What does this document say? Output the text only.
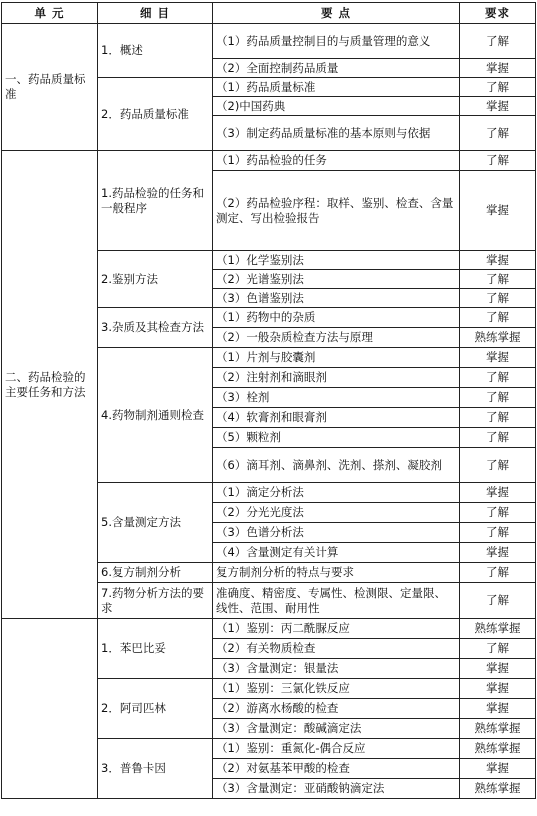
单 元	细 目	要 点	要求
一、药品质量标准	1．概述	（1）药品质量控制目的与质量管理的意义	了解
		（2）全面控制药品质量	掌握
	2．药品质量标准	（1）药品质量标准	了解
		（2)中国药典	掌握
		（3）制定药品质量标准的基本原则与依据	了解
二、药品检验的主要任务和方法	1.药品检验的任务和一般程序	（1）药品检验的任务	了解
		（2）药品检验序程：取样、鉴别、检查、含量测定、写出检验报告	掌握
	2.鉴别方法	（1）化学鉴别法	掌握
		（2）光谱鉴别法	了解
		（3）色谱鉴别法	了解
	3.杂质及其检查方法	（1）药物中的杂质	了解
		（2）一般杂质检查方法与原理	熟练掌握
	4.药物制剂通则检查	（1）片剂与胶囊剂	掌握
		（2）注射剂和滴眼剂	了解
		（3）栓剂	了解
		（4）软膏剂和眼膏剂	了解
		（5）颗粒剂	了解
		（6）滴耳剂、滴鼻剂、洗剂、搽剂、凝胶剂	了解
	5.含量测定方法	（1）滴定分析法	掌握
		（2）分光光度法	了解
		（3）色谱分析法	了解
		（4）含量测定有关计算	掌握
	6.复方制剂分析	复方制剂分析的特点与要求	了解
	7.药物分析方法的要求	准确度、精密度、专属性、检测限、定量限、线性、范围、耐用性	了解
	1．苯巴比妥	（1）鉴别：丙二酰脲反应	熟练掌握
		（2）有关物质检查	了解
		（3）含量测定：银量法	掌握
	2．阿司匹林	（1）鉴别：三氯化铁反应	掌握
		（2）游离水杨酸的检查	掌握
		（3）含量测定：酸碱滴定法	熟练掌握
	3．普鲁卡因	（1）鉴别：重氮化-偶合反应	熟练掌握
		（2）对氨基苯甲酸的检查	掌握
		（3）含量测定：亚硝酸钠滴定法	熟练掌握
